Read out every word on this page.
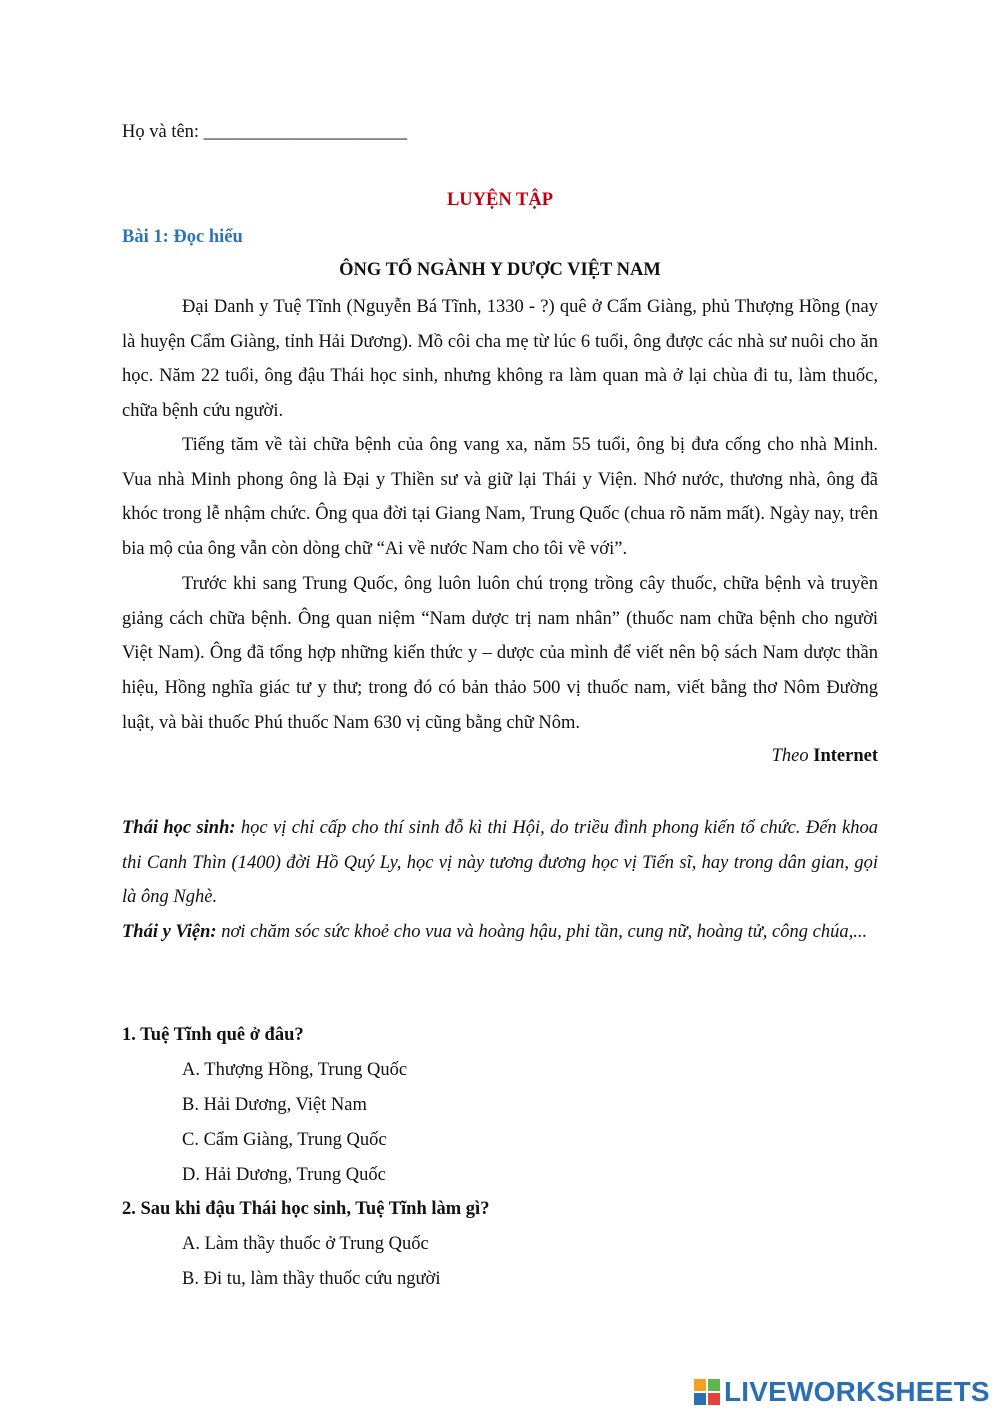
Họ và tên: ______________________
LUYỆN TẬP
Bài 1: Đọc hiểu
ÔNG TỔ NGÀNH Y DƯỢC VIỆT NAM
Đại Danh y Tuệ Tĩnh (Nguyễn Bá Tĩnh, 1330 - ?) quê ở Cẩm Giàng, phủ Thượng Hồng (nay là huyện Cẩm Giàng, tỉnh Hải Dương). Mồ côi cha mẹ từ lúc 6 tuổi, ông được các nhà sư nuôi cho ăn học. Năm 22 tuổi, ông đậu Thái học sinh, nhưng không ra làm quan mà ở lại chùa đi tu, làm thuốc, chữa bệnh cứu người.
Tiếng tăm về tài chữa bệnh của ông vang xa, năm 55 tuổi, ông bị đưa cống cho nhà Minh. Vua nhà Minh phong ông là Đại y Thiền sư và giữ lại Thái y Viện. Nhớ nước, thương nhà, ông đã khóc trong lễ nhậm chức. Ông qua đời tại Giang Nam, Trung Quốc (chua rõ năm mất). Ngày nay, trên bia mộ của ông vẫn còn dòng chữ “Ai về nước Nam cho tôi về với”.
Trước khi sang Trung Quốc, ông luôn luôn chú trọng trồng cây thuốc, chữa bệnh và truyền giảng cách chữa bệnh. Ông quan niệm “Nam dược trị nam nhân” (thuốc nam chữa bệnh cho người Việt Nam). Ông đã tổng hợp những kiến thức y – dược của mình để viết nên bộ sách Nam dược thần hiệu, Hồng nghĩa giác tư y thư; trong đó có bản thảo 500 vị thuốc nam, viết bằng thơ Nôm Đường luật, và bài thuốc Phú thuốc Nam 630 vị cũng bằng chữ Nôm.
Theo Internet
Thái học sinh: học vị chỉ cấp cho thí sinh đỗ kì thi Hội, do triều đình phong kiến tổ chức. Đến khoa thi Canh Thìn (1400) đời Hồ Quý Ly, học vị này tương đương học vị Tiến sĩ, hay trong dân gian, gọi là ông Nghè.
Thái y Viện: nơi chăm sóc sức khoẻ cho vua và hoàng hậu, phi tần, cung nữ, hoàng tử, công chúa,...
1. Tuệ Tĩnh quê ở đâu?
A. Thượng Hồng, Trung Quốc
B. Hải Dương, Việt Nam
C. Cẩm Giàng, Trung Quốc
D. Hải Dương, Trung Quốc
2. Sau khi đậu Thái học sinh, Tuệ Tĩnh làm gì?
A. Làm thầy thuốc ở Trung Quốc
B. Đi tu, làm thầy thuốc cứu người
LIVEWORKSHEETS
